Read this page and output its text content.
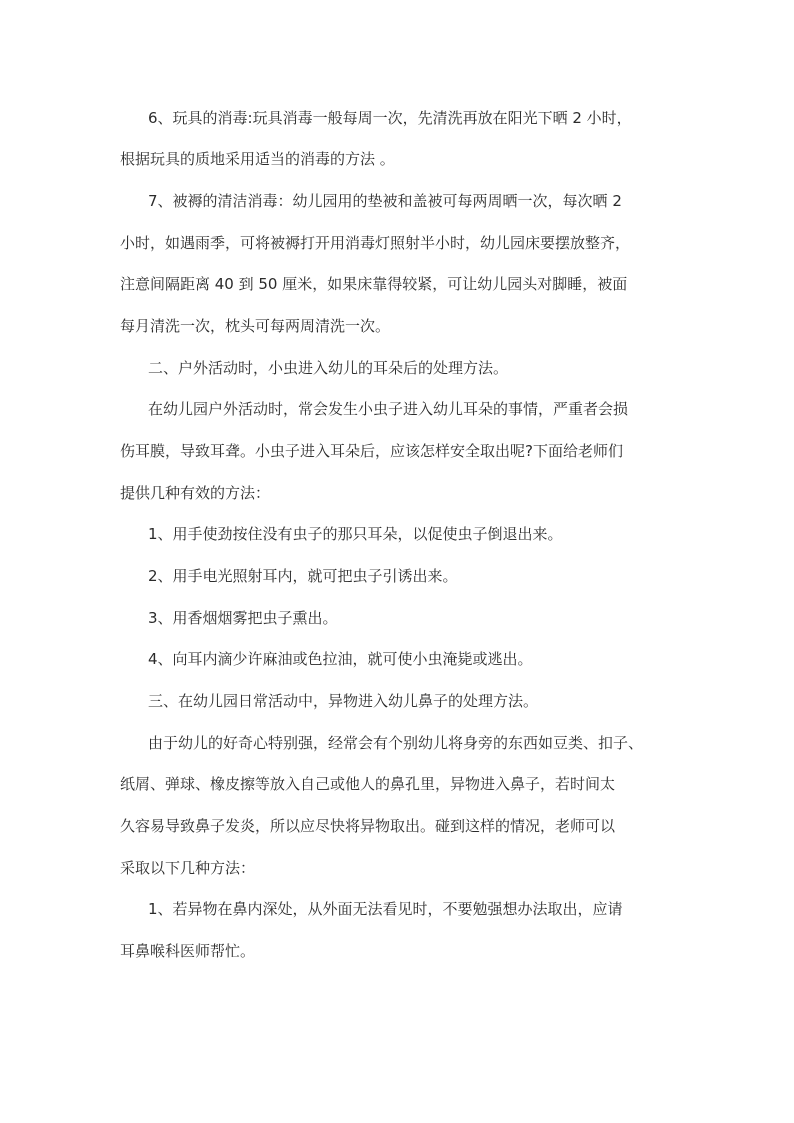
6、玩具的消毒:玩具消毒一般每周一次，先清洗再放在阳光下晒 2 小时，
根据玩具的质地采用适当的消毒的方法 。
7、被褥的清洁消毒：幼儿园用的垫被和盖被可每两周晒一次，每次晒 2
小时，如遇雨季，可将被褥打开用消毒灯照射半小时，幼儿园床要摆放整齐，
注意间隔距离 40 到 50 厘米，如果床靠得较紧，可让幼儿园头对脚睡，被面
每月清洗一次，枕头可每两周清洗一次。
二、户外活动时，小虫进入幼儿的耳朵后的处理方法。
在幼儿园户外活动时，常会发生小虫子进入幼儿耳朵的事情，严重者会损
伤耳膜，导致耳聋。小虫子进入耳朵后，应该怎样安全取出呢?下面给老师们
提供几种有效的方法：
1、用手使劲按住没有虫子的那只耳朵，以促使虫子倒退出来。
2、用手电光照射耳内，就可把虫子引诱出来。
3、用香烟烟雾把虫子熏出。
4、向耳内滴少许麻油或色拉油，就可使小虫淹毙或逃出。
三、在幼儿园日常活动中，异物进入幼儿鼻子的处理方法。
由于幼儿的好奇心特别强，经常会有个别幼儿将身旁的东西如豆类、扣子、
纸屑、弹球、橡皮擦等放入自己或他人的鼻孔里，异物进入鼻子，若时间太
久容易导致鼻子发炎，所以应尽快将异物取出。碰到这样的情况，老师可以
采取以下几种方法：
1、若异物在鼻内深处，从外面无法看见时，不要勉强想办法取出，应请
耳鼻喉科医师帮忙。
